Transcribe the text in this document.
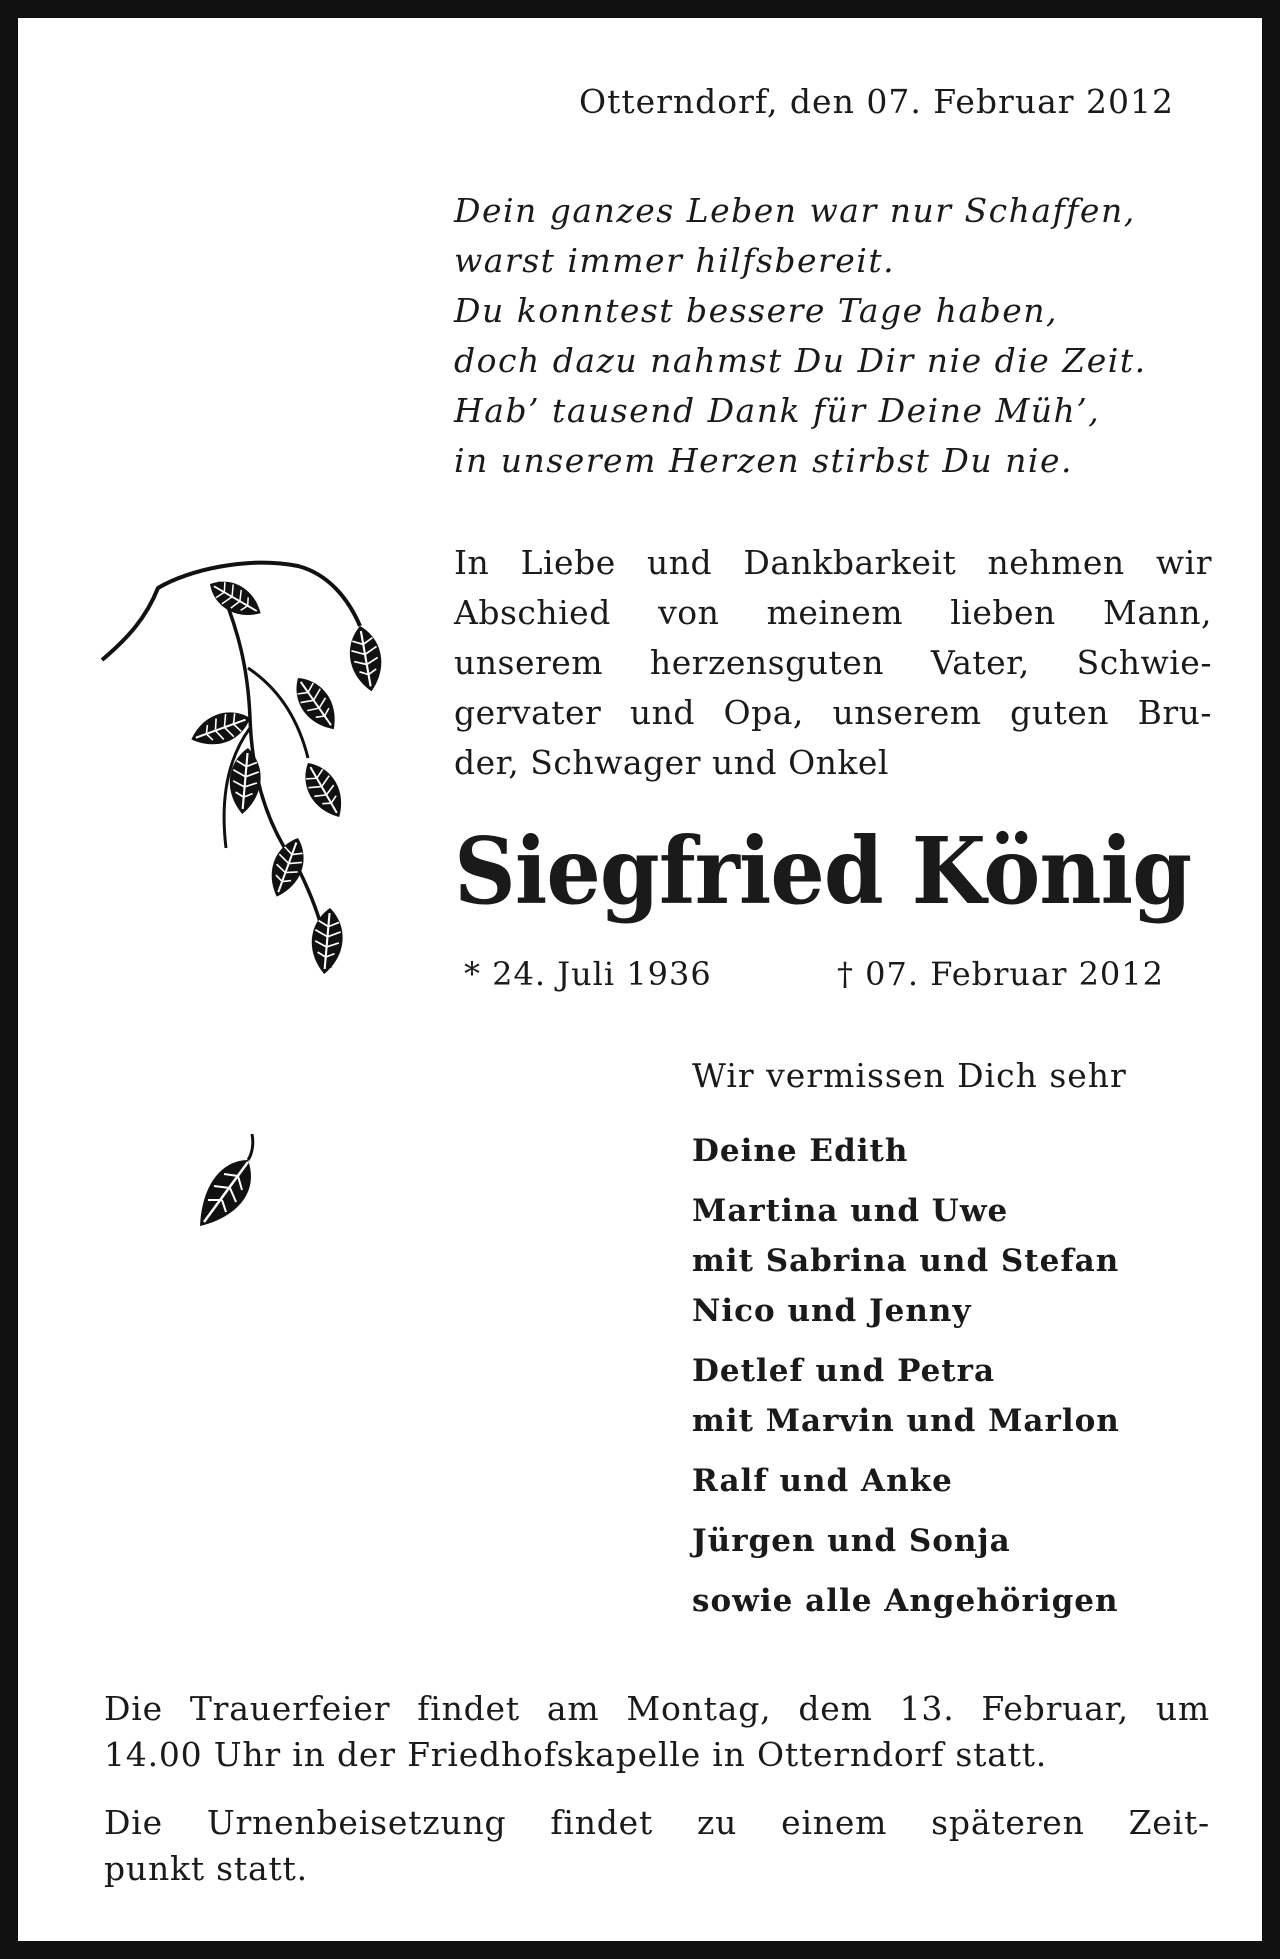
Otterndorf, den 07. Februar 2012
Dein ganzes Leben war nur Schaffen,
warst immer hilfsbereit.
Du konntest bessere Tage haben,
doch dazu nahmst Du Dir nie die Zeit.
Hab’ tausend Dank für Deine Müh’,
in unserem Herzen stirbst Du nie.
In Liebe und Dankbarkeit nehmen wir
Abschied von meinem lieben Mann,
unserem herzensguten Vater, Schwie-
gervater und Opa, unserem guten Bru-
der, Schwager und Onkel
Siegfried König
* 24. Juli 1936	† 07. Februar 2012
Wir vermissen Dich sehr
Deine Edith
Martina und Uwe
mit Sabrina und Stefan
Nico und Jenny
Detlef und Petra
mit Marvin und Marlon
Ralf und Anke
Jürgen und Sonja
sowie alle Angehörigen
Die Trauerfeier findet am Montag, dem 13. Februar, um
14.00 Uhr in der Friedhofskapelle in Otterndorf statt.
Die Urnenbeisetzung findet zu einem späteren Zeit-
punkt statt.
